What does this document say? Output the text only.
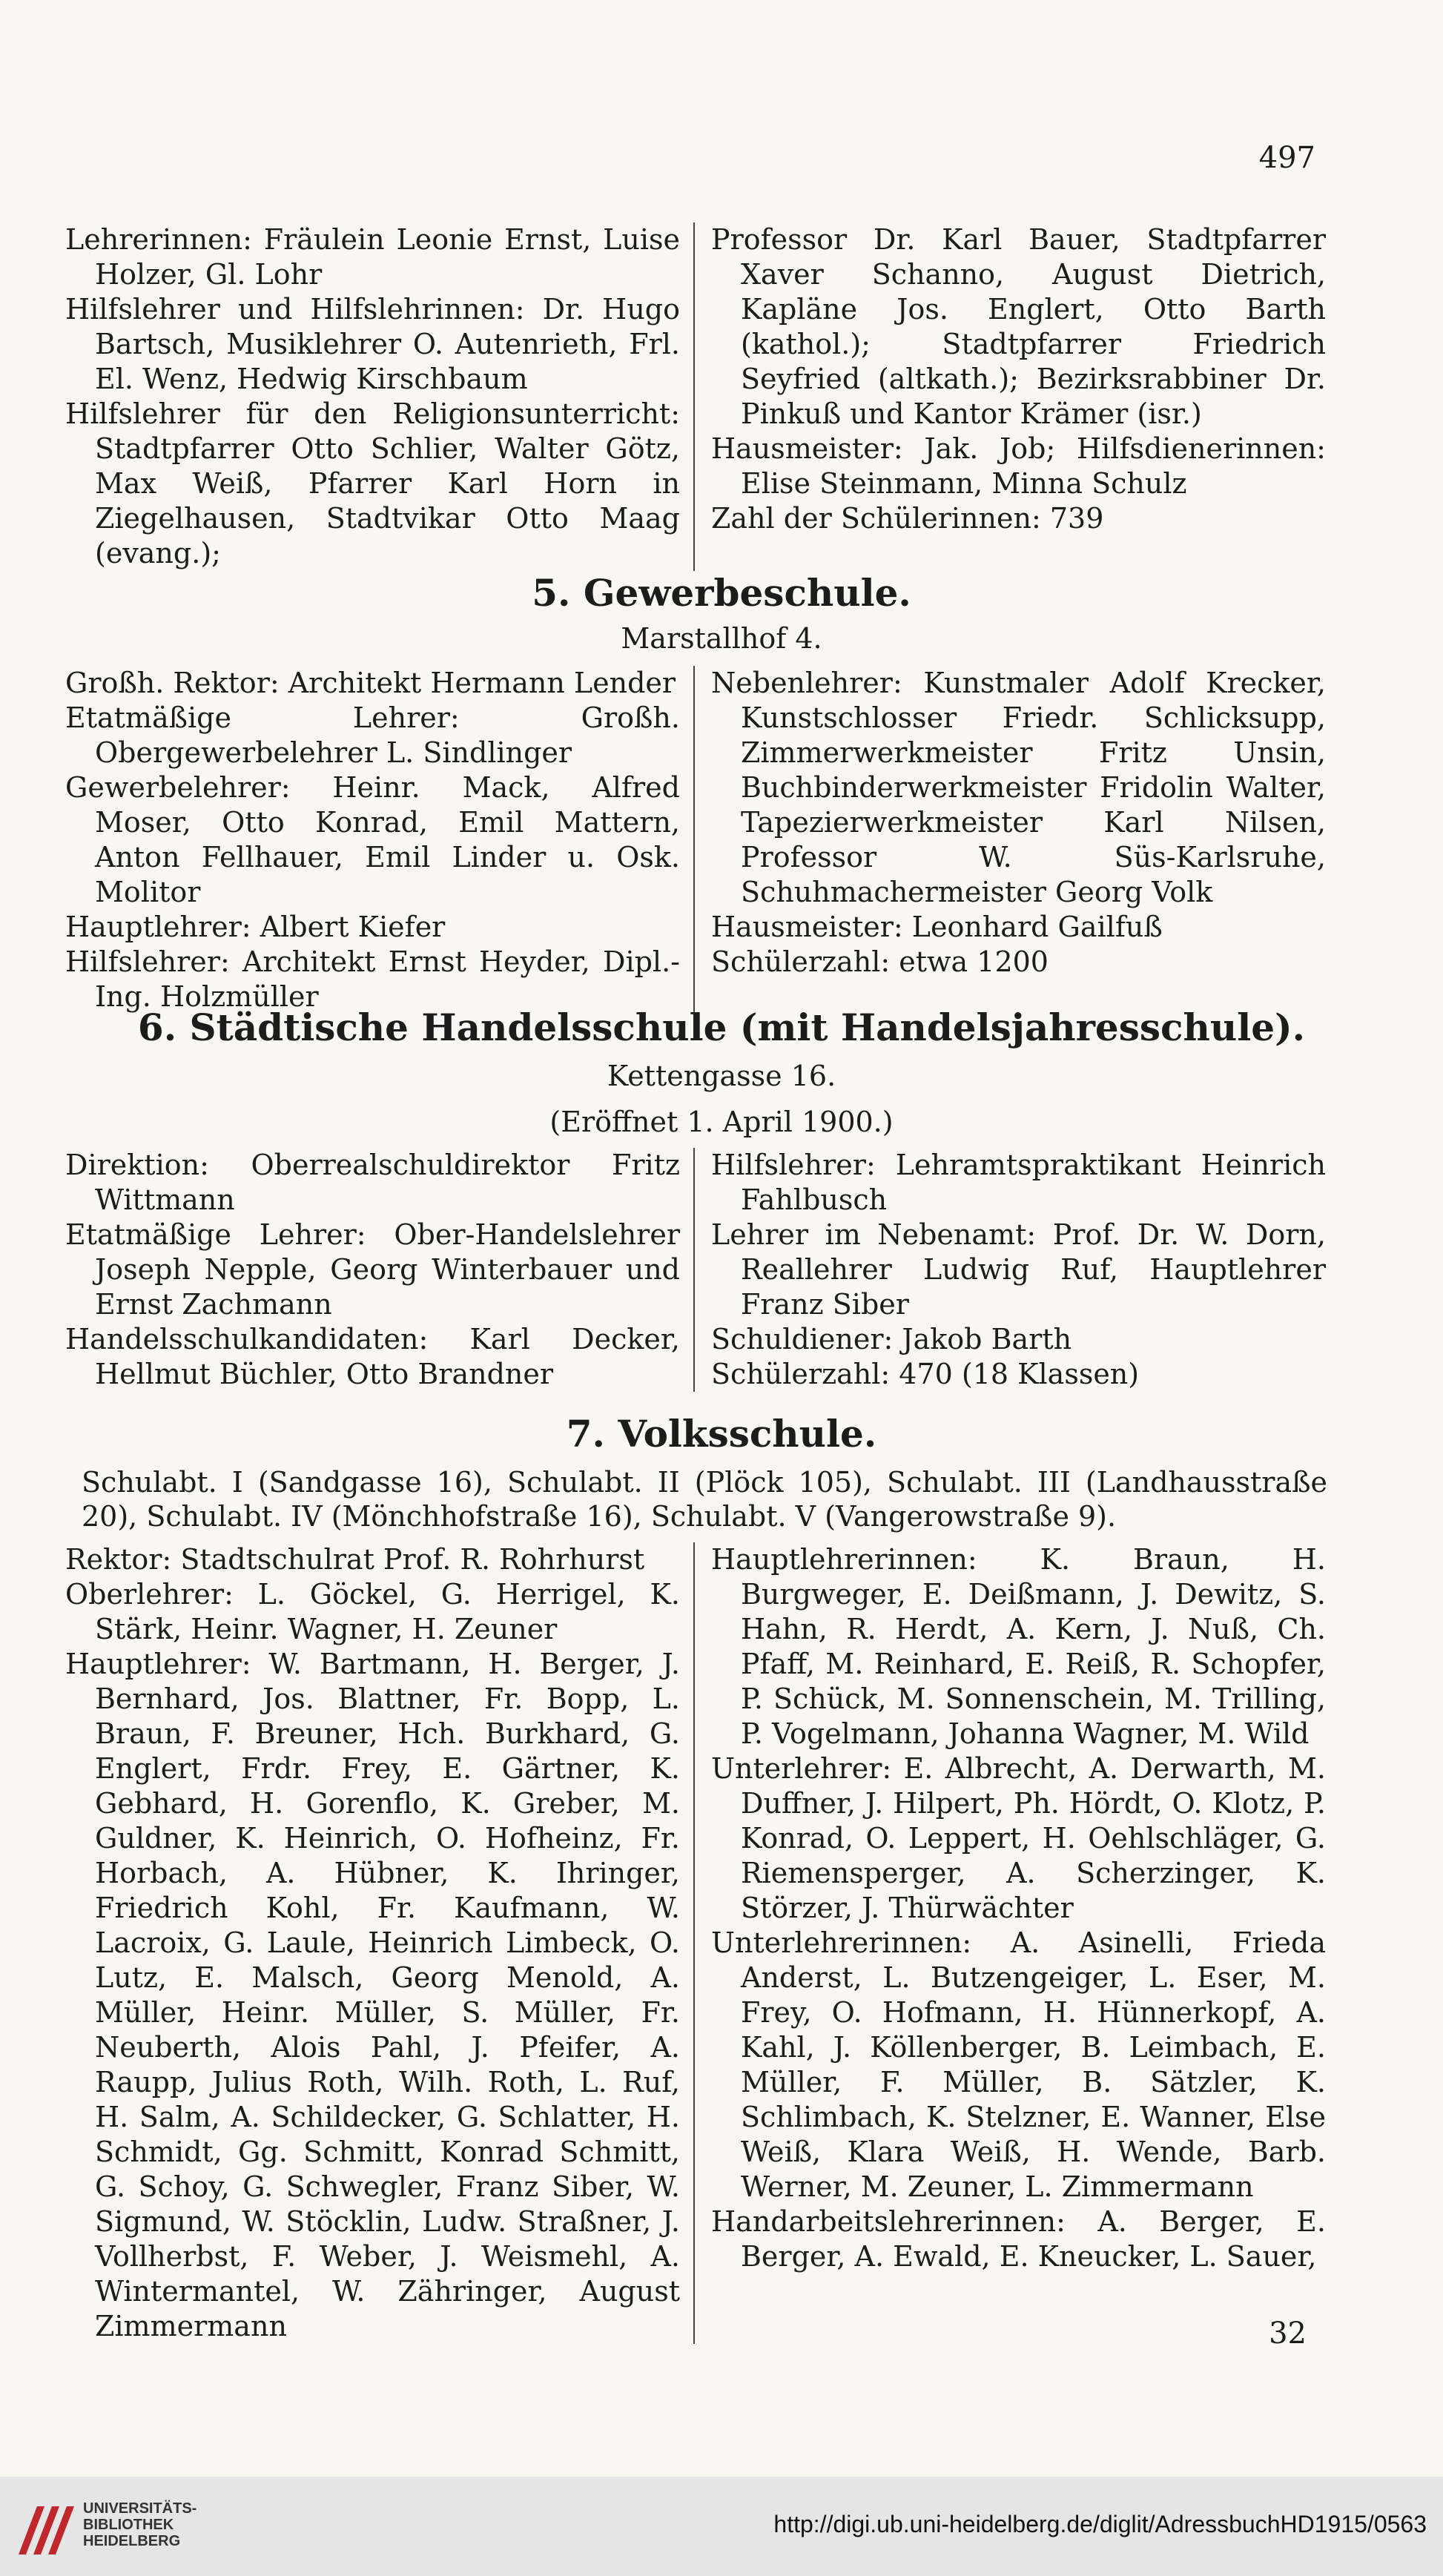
497

Lehrerinnen: Fräulein Leonie Ernst, Luise Holzer, Gl. Lohr

Hilfslehrer und Hilfslehrinnen: Dr. Hugo Bartsch, Musiklehrer O. Autenrieth, Frl. El. Wenz, Hedwig Kirschbaum

Hilfslehrer für den Religionsunterricht: Stadtpfarrer Otto Schlier, Walter Götz, Max Weiß, Pfarrer Karl Horn in Ziegelhausen, Stadtvikar Otto Maag (evang.);

Professor Dr. Karl Bauer, Stadtpfarrer Xaver Schanno, August Dietrich, Kapläne Jos. Englert, Otto Barth (kathol.); Stadtpfarrer Friedrich Seyfried (altkath.); Bezirksrabbiner Dr. Pinkuß und Kantor Krämer (isr.)

Hausmeister: Jak. Job; Hilfsdienerinnen: Elise Steinmann, Minna Schulz

Zahl der Schülerinnen: 739

5. Gewerbeschule.
Marstallhof 4.

Großh. Rektor: Architekt Hermann Lender

Etatmäßige Lehrer: Großh. Obergewerbelehrer L. Sindlinger

Gewerbelehrer: Heinr. Mack, Alfred Moser, Otto Konrad, Emil Mattern, Anton Fellhauer, Emil Linder u. Osk. Molitor

Hauptlehrer: Albert Kiefer

Hilfslehrer: Architekt Ernst Heyder, Dipl.-Ing. Holzmüller

Nebenlehrer: Kunstmaler Adolf Krecker, Kunstschlosser Friedr. Schlicksupp, Zimmerwerkmeister Fritz Unsin, Buchbinderwerkmeister Fridolin Walter, Tapezierwerkmeister Karl Nilsen, Professor W. Süs-Karlsruhe, Schuhmachermeister Georg Volk

Hausmeister: Leonhard Gailfuß

Schülerzahl: etwa 1200

6. Städtische Handelsschule (mit Handelsjahresschule).
Kettengasse 16.
(Eröffnet 1. April 1900.)

Direktion: Oberrealschuldirektor Fritz Wittmann

Etatmäßige Lehrer: Ober-Handelslehrer Joseph Nepple, Georg Winterbauer und Ernst Zachmann

Handelsschulkandidaten: Karl Decker, Hellmut Büchler, Otto Brandner

Hilfslehrer: Lehramtspraktikant Heinrich Fahlbusch

Lehrer im Nebenamt: Prof. Dr. W. Dorn, Reallehrer Ludwig Ruf, Hauptlehrer Franz Siber

Schuldiener: Jakob Barth

Schülerzahl: 470 (18 Klassen)

7. Volksschule.
Schulabt. I (Sandgasse 16), Schulabt. II (Plöck 105), Schulabt. III (Landhausstraße 20), Schulabt. IV (Mönchhofstraße 16), Schulabt. V (Vangerowstraße 9).

Rektor: Stadtschulrat Prof. R. Rohrhurst

Oberlehrer: L. Göckel, G. Herrigel, K. Stärk, Heinr. Wagner, H. Zeuner

Hauptlehrer: W. Bartmann, H. Berger, J. Bernhard, Jos. Blattner, Fr. Bopp, L. Braun, F. Breuner, Hch. Burkhard, G. Englert, Frdr. Frey, E. Gärtner, K. Gebhard, H. Gorenflo, K. Greber, M. Guldner, K. Heinrich, O. Hofheinz, Fr. Horbach, A. Hübner, K. Ihringer, Friedrich Kohl, Fr. Kaufmann, W. Lacroix, G. Laule, Heinrich Limbeck, O. Lutz, E. Malsch, Georg Menold, A. Müller, Heinr. Müller, S. Müller, Fr. Neuberth, Alois Pahl, J. Pfeifer, A. Raupp, Julius Roth, Wilh. Roth, L. Ruf, H. Salm, A. Schildecker, G. Schlatter, H. Schmidt, Gg. Schmitt, Konrad Schmitt, G. Schoy, G. Schwegler, Franz Siber, W. Sigmund, W. Stöcklin, Ludw. Straßner, J. Vollherbst, F. Weber, J. Weismehl, A. Wintermantel, W. Zähringer, August Zimmermann

Hauptlehrerinnen: K. Braun, H. Burgweger, E. Deißmann, J. Dewitz, S. Hahn, R. Herdt, A. Kern, J. Nuß, Ch. Pfaff, M. Reinhard, E. Reiß, R. Schopfer, P. Schück, M. Sonnenschein, M. Trilling, P. Vogelmann, Johanna Wagner, M. Wild

Unterlehrer: E. Albrecht, A. Derwarth, M. Duffner, J. Hilpert, Ph. Hördt, O. Klotz, P. Konrad, O. Leppert, H. Oehlschläger, G. Riemensperger, A. Scherzinger, K. Störzer, J. Thürwächter

Unterlehrerinnen: A. Asinelli, Frieda Anderst, L. Butzengeiger, L. Eser, M. Frey, O. Hofmann, H. Hünnerkopf, A. Kahl, J. Köllenberger, B. Leimbach, E. Müller, F. Müller, B. Sätzler, K. Schlimbach, K. Stelzner, E. Wanner, Else Weiß, Klara Weiß, H. Wende, Barb. Werner, M. Zeuner, L. Zimmermann

Handarbeitslehrerinnen: A. Berger, E. Berger, A. Ewald, E. Kneucker, L. Sauer,

32
UNIVERSITÄTS-
BIBLIOTHEK
HEIDELBERG
http://digi.ub.uni-heidelberg.de/diglit/AdressbuchHD1915/0563
